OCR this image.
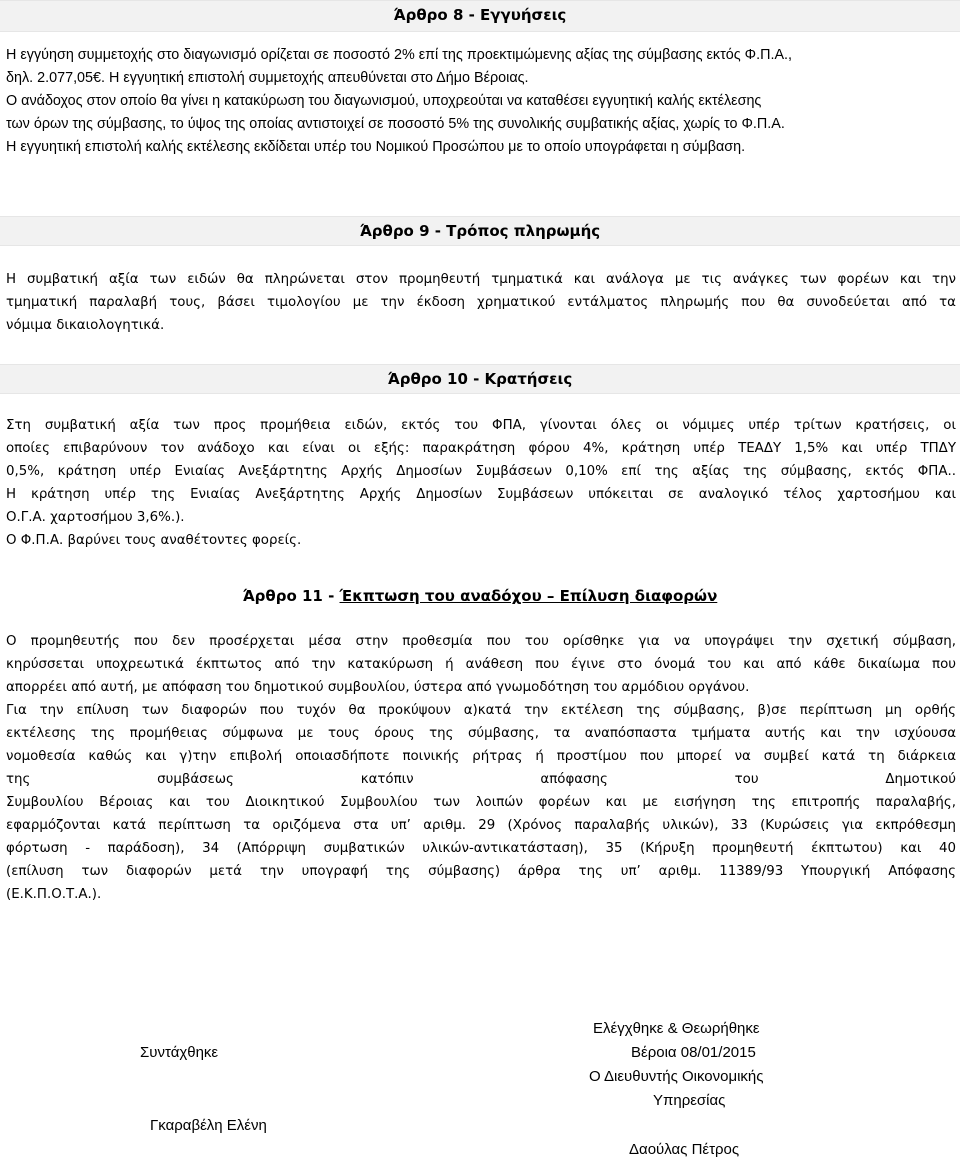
Άρθρο 8 - Εγγυήσεις
Η εγγύηση συμμετοχής στο διαγωνισμό ορίζεται σε ποσοστό 2% επί της προεκτιμώμενης αξίας της σύμβασης εκτός Φ.Π.Α.,
δηλ. 2.077,05€. Η εγγυητική επιστολή συμμετοχής απευθύνεται στο Δήμο Βέροιας.
Ο ανάδοχος στον οποίο θα γίνει η κατακύρωση του διαγωνισμού, υποχρεούται να καταθέσει εγγυητική καλής εκτέλεσης
των όρων της σύμβασης, το ύψος της οποίας αντιστοιχεί σε ποσοστό 5% της συνολικής συμβατικής αξίας, χωρίς το Φ.Π.Α.
Η εγγυητική επιστολή καλής εκτέλεσης εκδίδεται υπέρ του Νομικού Προσώπου με το οποίο υπογράφεται η σύμβαση.
Άρθρο 9 - Τρόπος πληρωμής
Η συμβατική αξία των ειδών θα πληρώνεται στον προμηθευτή τμηματικά και ανάλογα με τις ανάγκες των φορέων και την
τμηματική παραλαβή τους, βάσει τιμολογίου με την έκδοση χρηματικού εντάλματος πληρωμής που θα συνοδεύεται από τα
νόμιμα δικαιολογητικά.
Άρθρο 10 - Κρατήσεις
Στη συμβατική αξία των προς προμήθεια ειδών, εκτός του ΦΠΑ, γίνονται όλες οι νόμιμες υπέρ τρίτων κρατήσεις, οι
οποίες επιβαρύνουν τον ανάδοχο και είναι οι εξής: παρακράτηση φόρου 4%, κράτηση υπέρ ΤΕΑΔΥ 1,5% και υπέρ ΤΠΔΥ
0,5%, κράτηση υπέρ Ενιαίας Ανεξάρτητης Αρχής Δημοσίων Συμβάσεων 0,10% επί της αξίας της σύμβασης, εκτός ΦΠΑ..
Η κράτηση υπέρ της Ενιαίας Ανεξάρτητης Αρχής Δημοσίων Συμβάσεων υπόκειται σε αναλογικό τέλος χαρτοσήμου και
Ο.Γ.Α. χαρτοσήμου 3,6%.).
Ο Φ.Π.Α. βαρύνει τους αναθέτοντες φορείς.
Άρθρο 11 - Έκπτωση του αναδόχου – Επίλυση διαφορών
Ο προμηθευτής που δεν προσέρχεται μέσα στην προθεσμία που του ορίσθηκε για να υπογράψει την σχετική σύμβαση,
κηρύσσεται υποχρεωτικά έκπτωτος από την κατακύρωση ή ανάθεση που έγινε στο όνομά του και από κάθε δικαίωμα που
απορρέει από αυτή, με απόφαση του δημοτικού συμβουλίου, ύστερα από γνωμοδότηση του αρμόδιου οργάνου.
Για την επίλυση των διαφορών που τυχόν θα προκύψουν α)κατά την εκτέλεση της σύμβασης, β)σε περίπτωση μη ορθής
εκτέλεσης της προμήθειας σύμφωνα με τους όρους της σύμβασης, τα αναπόσπαστα τμήματα αυτής και την ισχύουσα
νομοθεσία καθώς και γ)την επιβολή οποιασδήποτε ποινικής ρήτρας ή προστίμου που μπορεί να συμβεί κατά τη διάρκεια
της συμβάσεως κατόπιν απόφασης του Δημοτικού
Συμβουλίου Βέροιας και του Διοικητικού Συμβουλίου των λοιπών φορέων και με εισήγηση της επιτροπής παραλαβής,
εφαρμόζονται κατά περίπτωση τα οριζόμενα στα υπ’ αριθμ. 29 (Χρόνος παραλαβής υλικών), 33 (Κυρώσεις για εκπρόθεσμη
φόρτωση - παράδοση), 34 (Απόρριψη συμβατικών υλικών-αντικατάσταση), 35 (Κήρυξη προμηθευτή έκπτωτου) και 40
(επίλυση των διαφορών μετά την υπογραφή της σύμβασης) άρθρα της υπ’ αριθμ. 11389/93 Υπουργική Απόφασης
(Ε.Κ.Π.Ο.Τ.Α.).
Συντάχθηκε
Γκαραβέλη Ελένη
Ελέγχθηκε & Θεωρήθηκε
Βέροια 08/01/2015
Ο Διευθυντής Οικονομικής
Υπηρεσίας
Δαούλας Πέτρος
